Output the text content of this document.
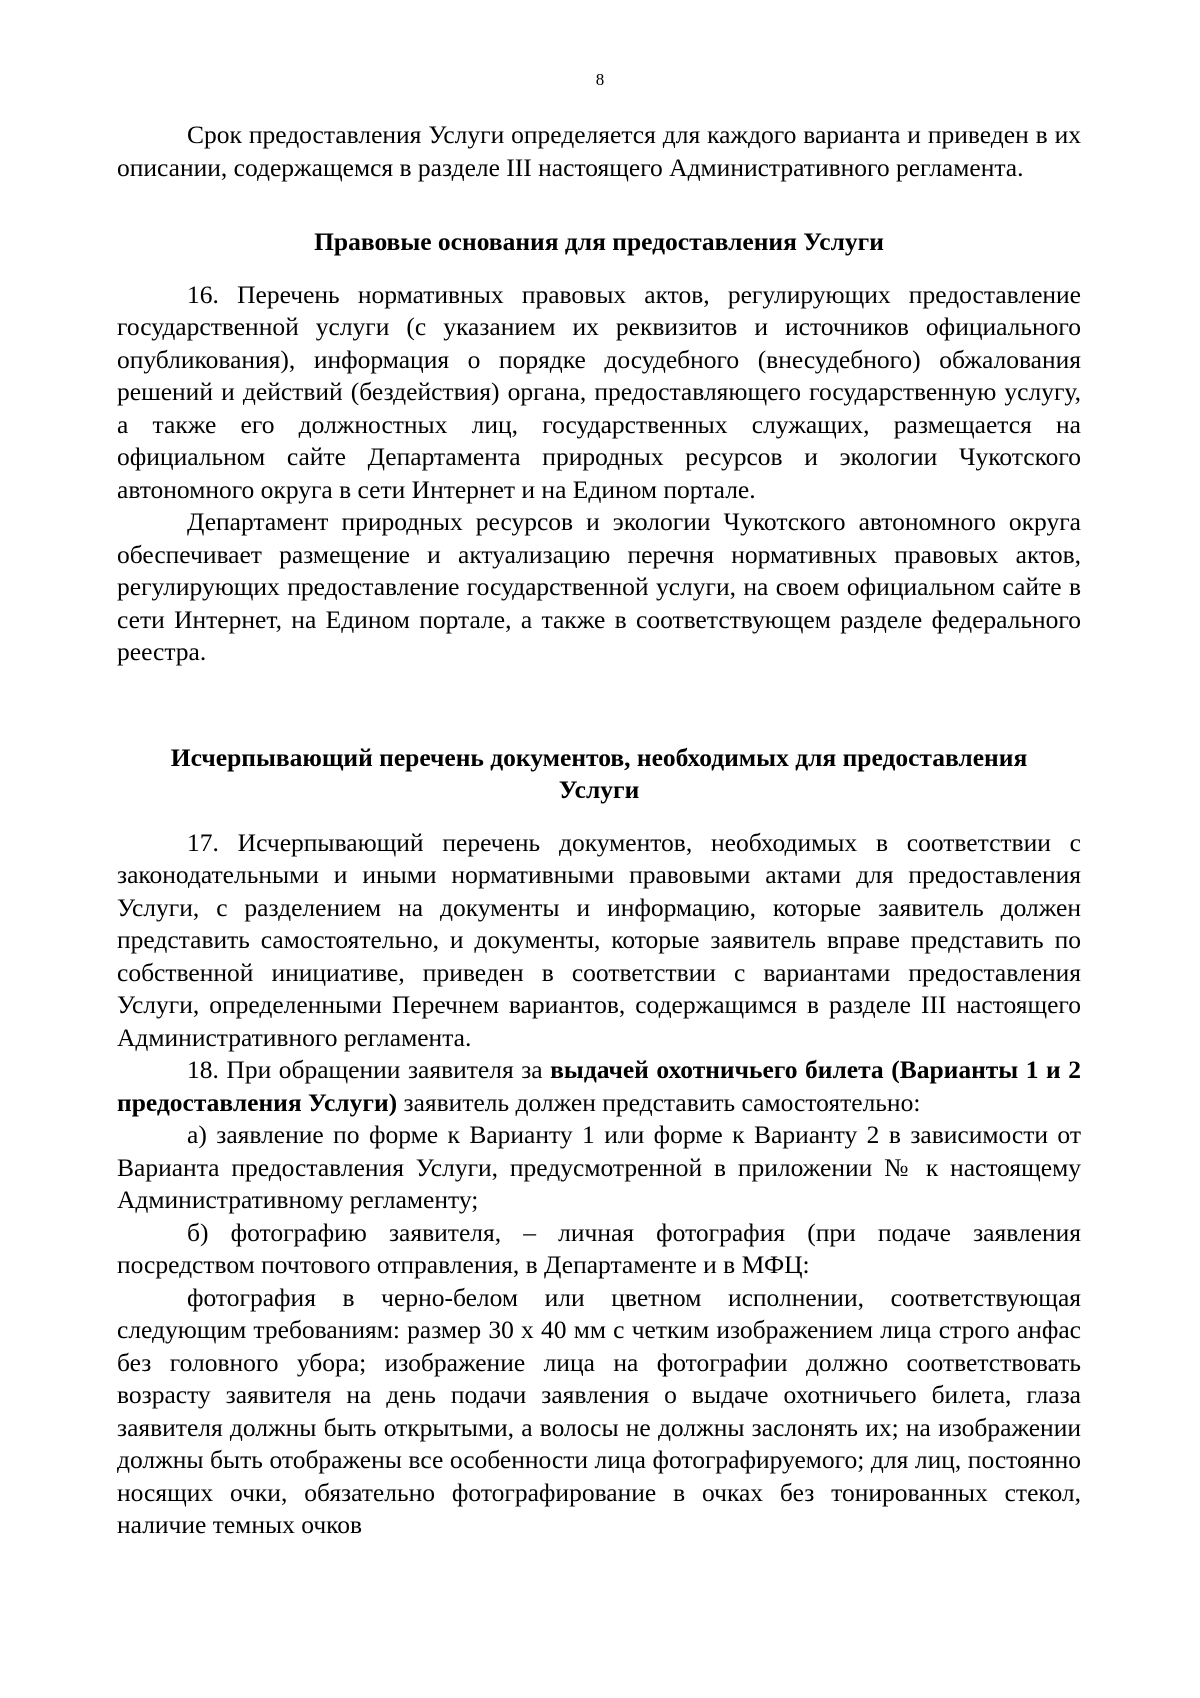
8

Срок предоставления Услуги определяется для каждого варианта и приведен в их описании, содержащемся в разделе III настоящего Административного регламента.

Правовые основания для предоставления Услуги

16. Перечень нормативных правовых актов, регулирующих предоставление государственной услуги (с указанием их реквизитов и источников официального опубликования), информация о порядке досудебного (внесудебного) обжалования решений и действий (бездействия) органа, предоставляющего государственную услугу, а также его должностных лиц, государственных служащих, размещается на официальном сайте Департамента природных ресурсов и экологии Чукотского автономного округа в сети Интернет и на Едином портале.

Департамент природных ресурсов и экологии Чукотского автономного округа обеспечивает размещение и актуализацию перечня нормативных правовых актов, регулирующих предоставление государственной услуги, на своем официальном сайте в сети Интернет, на Едином портале, а также в соответствующем разделе федерального реестра.

Исчерпывающий перечень документов, необходимых для предоставления
Услуги

17. Исчерпывающий перечень документов, необходимых в соответствии с законодательными и иными нормативными правовыми актами для предоставления Услуги, с разделением на документы и информацию, которые заявитель должен представить самостоятельно, и документы, которые заявитель вправе представить по собственной инициативе, приведен в соответствии с вариантами предоставления Услуги, определенными Перечнем вариантов, содержащимся в разделе III настоящего Административного регламента.

18. При обращении заявителя за выдачей охотничьего билета (Варианты 1 и 2 предоставления Услуги) заявитель должен представить самостоятельно:

а) заявление по форме к Варианту 1 или форме к Варианту 2 в зависимости от Варианта предоставления Услуги, предусмотренной в приложении № к настоящему Административному регламенту;

б) фотографию заявителя, – личная фотография (при подаче заявления посредством почтового отправления, в Департаменте и в МФЦ:

фотография в черно-белом или цветном исполнении, соответствующая следующим требованиям: размер 30 х 40 мм с четким изображением лица строго анфас без головного убора; изображение лица на фотографии должно соответствовать возрасту заявителя на день подачи заявления о выдаче охотничьего билета, глаза заявителя должны быть открытыми, а волосы не должны заслонять их; на изображении должны быть отображены все особенности лица фотографируемого; для лиц, постоянно носящих очки, обязательно фотографирование в очках без тонированных стекол, наличие темных очков
